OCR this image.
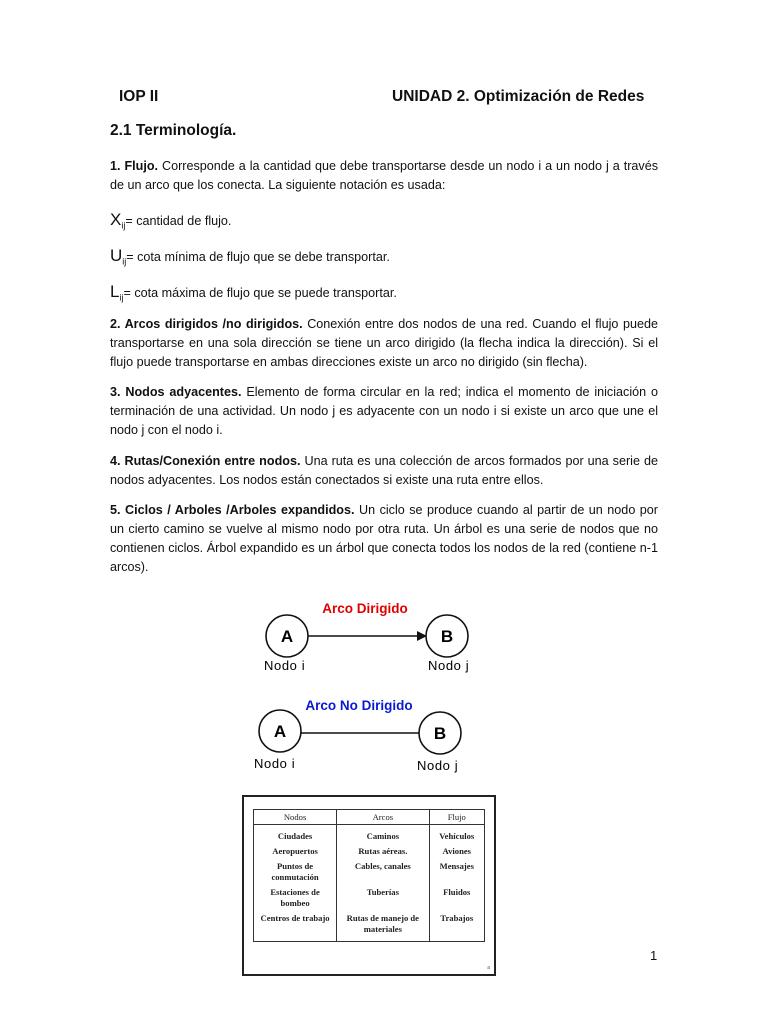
IOP II	UNIDAD 2. Optimización de Redes
2.1 Terminología.

1. Flujo. Corresponde a la cantidad que debe transportarse desde un nodo i a un nodo j a través de un arco que los conecta. La siguiente notación es usada:

$X_{ij}=$ cantidad de flujo.
$U_{ij}= \cot a$ mínima de flujo que se debe transportar.
$L_{ij}= \cot a$ máxima de flujo que se puede transportar.

2. Arcos dirigidos /no dirigidos. Conexión entre dos nodos de una red. Cuando el flujo puede transportarse en una sola dirección se tiene un arco dirigido (la flecha indica la dirección). Si el flujo puede transportarse en ambas direcciones existe un arco no dirigido (sin flecha).

3. Nodos adyacentes. Elemento de forma circular en la red; indica el momento de iniciación o terminación de una actividad. Un nodo j es adyacente con un nodo i si existe un arco que une el nodo j con el nodo i.

4. Rutas/Conexión entre nodos. Una ruta es una colección de arcos formados por una serie de nodos adyacentes. Los nodos están conectados si existe una ruta entre ellos.

5. Ciclos / Arboles /Arboles expandidos. Un ciclo se produce cuando al partir de un nodo por un cierto camino se vuelve al mismo nodo por otra ruta. Un árbol es una serie de nodos que no contienen ciclos. Árbol expandido es un árbol que conecta todos los nodos de la red (contiene n-1 arcos).

Arco Dirigido
A	B
Nodo i	Nodo j
Arco No Dirigido
A	B
Nodo i	Nodo j
Nodos	Arcos	Flujo
Ciudades	Caminos	Vehículos
Aeropuertos	Rutas aéreas.	Aviones
Puntos de conmutación	Cables, canales	Mensajes
Estaciones de bombeo	Tuberías	Fluidos
Centros de trabajo	Rutas de manejo de materiales	Trabajos
a
1
